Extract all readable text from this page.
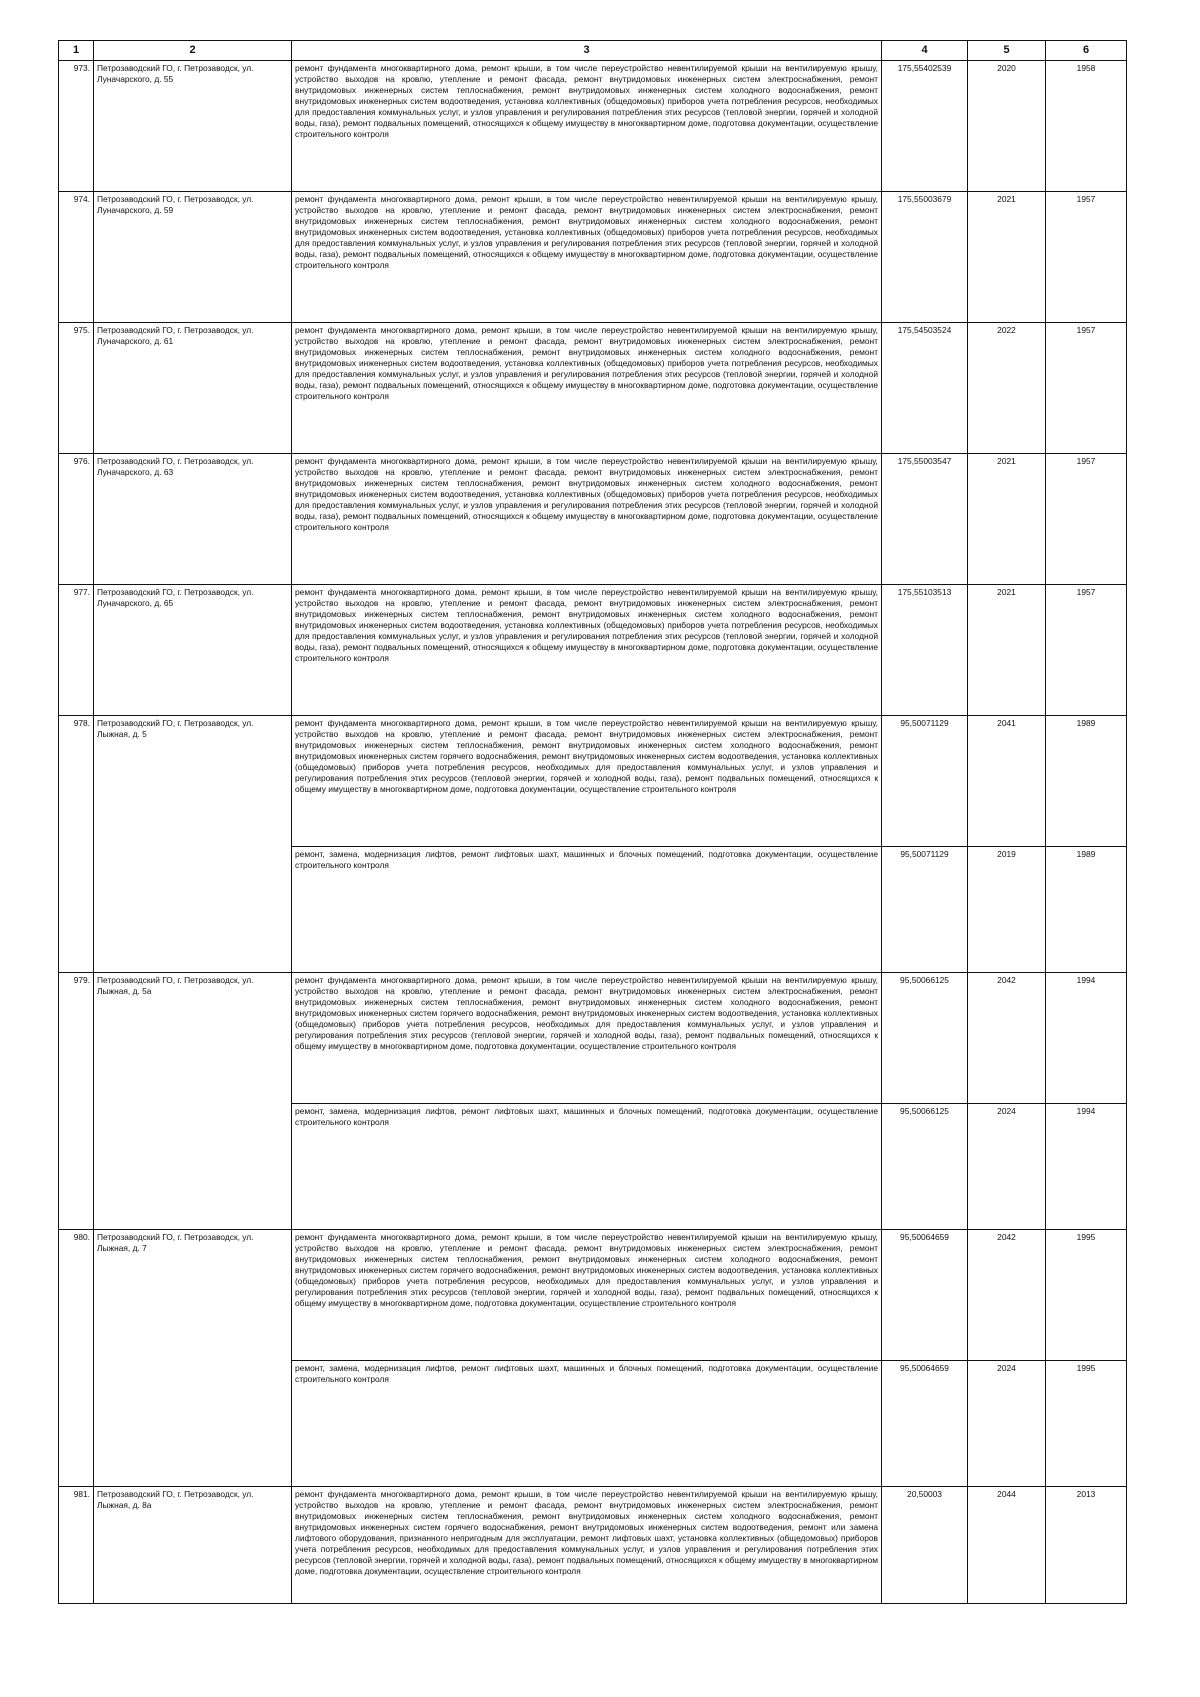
1	2	3	4	5	6
973.	Петрозаводский ГО, г. Петрозаводск, ул. Луначарского, д. 55	ремонт фундамента многоквартирного дома, ремонт крыши, в том числе переустройство невентилируемой крыши на вентилируемую крышу, устройство выходов на кровлю, утепление и ремонт фасада, ремонт внутридомовых инженерных систем электроснабжения, ремонт внутридомовых инженерных систем теплоснабжения, ремонт внутридомовых инженерных систем холодного водоснабжения, ремонт внутридомовых инженерных систем водоотведения, установка коллективных (общедомовых) приборов учета потребления ресурсов, необходимых для предоставления коммунальных услуг, и узлов управления и регулирования потребления этих ресурсов (тепловой энергии, горячей и холодной воды, газа), ремонт подвальных помещений, относящихся к общему имуществу в многоквартирном доме, подготовка документации, осуществление строительного контроля	175,55402539	2020	1958
974.	Петрозаводский ГО, г. Петрозаводск, ул. Луначарского, д. 59	ремонт фундамента многоквартирного дома, ремонт крыши, в том числе переустройство невентилируемой крыши на вентилируемую крышу, устройство выходов на кровлю, утепление и ремонт фасада, ремонт внутридомовых инженерных систем электроснабжения, ремонт внутридомовых инженерных систем теплоснабжения, ремонт внутридомовых инженерных систем холодного водоснабжения, ремонт внутридомовых инженерных систем водоотведения, установка коллективных (общедомовых) приборов учета потребления ресурсов, необходимых для предоставления коммунальных услуг, и узлов управления и регулирования потребления этих ресурсов (тепловой энергии, горячей и холодной воды, газа), ремонт подвальных помещений, относящихся к общему имуществу в многоквартирном доме, подготовка документации, осуществление строительного контроля	175,55003679	2021	1957
975.	Петрозаводский ГО, г. Петрозаводск, ул. Луначарского, д. 61	ремонт фундамента многоквартирного дома, ремонт крыши, в том числе переустройство невентилируемой крыши на вентилируемую крышу, устройство выходов на кровлю, утепление и ремонт фасада, ремонт внутридомовых инженерных систем электроснабжения, ремонт внутридомовых инженерных систем теплоснабжения, ремонт внутридомовых инженерных систем холодного водоснабжения, ремонт внутридомовых инженерных систем водоотведения, установка коллективных (общедомовых) приборов учета потребления ресурсов, необходимых для предоставления коммунальных услуг, и узлов управления и регулирования потребления этих ресурсов (тепловой энергии, горячей и холодной воды, газа), ремонт подвальных помещений, относящихся к общему имуществу в многоквартирном доме, подготовка документации, осуществление строительного контроля	175,54503524	2022	1957
976.	Петрозаводский ГО, г. Петрозаводск, ул. Луначарского, д. 63	ремонт фундамента многоквартирного дома, ремонт крыши, в том числе переустройство невентилируемой крыши на вентилируемую крышу, устройство выходов на кровлю, утепление и ремонт фасада, ремонт внутридомовых инженерных систем электроснабжения, ремонт внутридомовых инженерных систем теплоснабжения, ремонт внутридомовых инженерных систем холодного водоснабжения, ремонт внутридомовых инженерных систем водоотведения, установка коллективных (общедомовых) приборов учета потребления ресурсов, необходимых для предоставления коммунальных услуг, и узлов управления и регулирования потребления этих ресурсов (тепловой энергии, горячей и холодной воды, газа), ремонт подвальных помещений, относящихся к общему имуществу в многоквартирном доме, подготовка документации, осуществление строительного контроля	175,55003547	2021	1957
977.	Петрозаводский ГО, г. Петрозаводск, ул. Луначарского, д. 65	ремонт фундамента многоквартирного дома, ремонт крыши, в том числе переустройство невентилируемой крыши на вентилируемую крышу, устройство выходов на кровлю, утепление и ремонт фасада, ремонт внутридомовых инженерных систем электроснабжения, ремонт внутридомовых инженерных систем теплоснабжения, ремонт внутридомовых инженерных систем холодного водоснабжения, ремонт внутридомовых инженерных систем водоотведения, установка коллективных (общедомовых) приборов учета потребления ресурсов, необходимых для предоставления коммунальных услуг, и узлов управления и регулирования потребления этих ресурсов (тепловой энергии, горячей и холодной воды, газа), ремонт подвальных помещений, относящихся к общему имуществу в многоквартирном доме, подготовка документации, осуществление строительного контроля	175,55103513	2021	1957
978.	Петрозаводский ГО, г. Петрозаводск, ул. Лыжная, д. 5	ремонт фундамента многоквартирного дома, ремонт крыши, в том числе переустройство невентилируемой крыши на вентилируемую крышу, устройство выходов на кровлю, утепление и ремонт фасада, ремонт внутридомовых инженерных систем электроснабжения, ремонт внутридомовых инженерных систем теплоснабжения, ремонт внутридомовых инженерных систем холодного водоснабжения, ремонт внутридомовых инженерных систем горячего водоснабжения, ремонт внутридомовых инженерных систем водоотведения, установка коллективных (общедомовых) приборов учета потребления ресурсов, необходимых для предоставления коммунальных услуг, и узлов управления и регулирования потребления этих ресурсов (тепловой энергии, горячей и холодной воды, газа), ремонт подвальных помещений, относящихся к общему имуществу в многоквартирном доме, подготовка документации, осуществление строительного контроля	95,50071129	2041	1989
		ремонт, замена, модернизация лифтов, ремонт лифтовых шахт, машинных и блочных помещений, подготовка документации, осуществление строительного контроля	95,50071129	2019	1989
979.	Петрозаводский ГО, г. Петрозаводск, ул. Лыжная, д. 5а	ремонт фундамента многоквартирного дома, ремонт крыши, в том числе переустройство невентилируемой крыши на вентилируемую крышу, устройство выходов на кровлю, утепление и ремонт фасада, ремонт внутридомовых инженерных систем электроснабжения, ремонт внутридомовых инженерных систем теплоснабжения, ремонт внутридомовых инженерных систем холодного водоснабжения, ремонт внутридомовых инженерных систем горячего водоснабжения, ремонт внутридомовых инженерных систем водоотведения, установка коллективных (общедомовых) приборов учета потребления ресурсов, необходимых для предоставления коммунальных услуг, и узлов управления и регулирования потребления этих ресурсов (тепловой энергии, горячей и холодной воды, газа), ремонт подвальных помещений, относящихся к общему имуществу в многоквартирном доме, подготовка документации, осуществление строительного контроля	95,50066125	2042	1994
		ремонт, замена, модернизация лифтов, ремонт лифтовых шахт, машинных и блочных помещений, подготовка документации, осуществление строительного контроля	95,50066125	2024	1994
980.	Петрозаводский ГО, г. Петрозаводск, ул. Лыжная, д. 7	ремонт фундамента многоквартирного дома, ремонт крыши, в том числе переустройство невентилируемой крыши на вентилируемую крышу, устройство выходов на кровлю, утепление и ремонт фасада, ремонт внутридомовых инженерных систем электроснабжения, ремонт внутридомовых инженерных систем теплоснабжения, ремонт внутридомовых инженерных систем холодного водоснабжения, ремонт внутридомовых инженерных систем горячего водоснабжения, ремонт внутридомовых инженерных систем водоотведения, установка коллективных (общедомовых) приборов учета потребления ресурсов, необходимых для предоставления коммунальных услуг, и узлов управления и регулирования потребления этих ресурсов (тепловой энергии, горячей и холодной воды, газа), ремонт подвальных помещений, относящихся к общему имуществу в многоквартирном доме, подготовка документации, осуществление строительного контроля	95,50064659	2042	1995
		ремонт, замена, модернизация лифтов, ремонт лифтовых шахт, машинных и блочных помещений, подготовка документации, осуществление строительного контроля	95,50064659	2024	1995
981.	Петрозаводский ГО, г. Петрозаводск, ул. Лыжная, д. 8а	ремонт фундамента многоквартирного дома, ремонт крыши, в том числе переустройство невентилируемой крыши на вентилируемую крышу, устройство выходов на кровлю, утепление и ремонт фасада, ремонт внутридомовых инженерных систем электроснабжения, ремонт внутридомовых инженерных систем теплоснабжения, ремонт внутридомовых инженерных систем холодного водоснабжения, ремонт внутридомовых инженерных систем горячего водоснабжения, ремонт внутридомовых инженерных систем водоотведения, ремонт или замена лифтового оборудования, признанного непригодным для эксплуатации, ремонт лифтовых шахт, установка коллективных (общедомовых) приборов учета потребления ресурсов, необходимых для предоставления коммунальных услуг, и узлов управления и регулирования потребления этих ресурсов (тепловой энергии, горячей и холодной воды, газа), ремонт подвальных помещений, относящихся к общему имуществу в многоквартирном доме, подготовка документации, осуществление строительного контроля	20,50003	2044	2013
